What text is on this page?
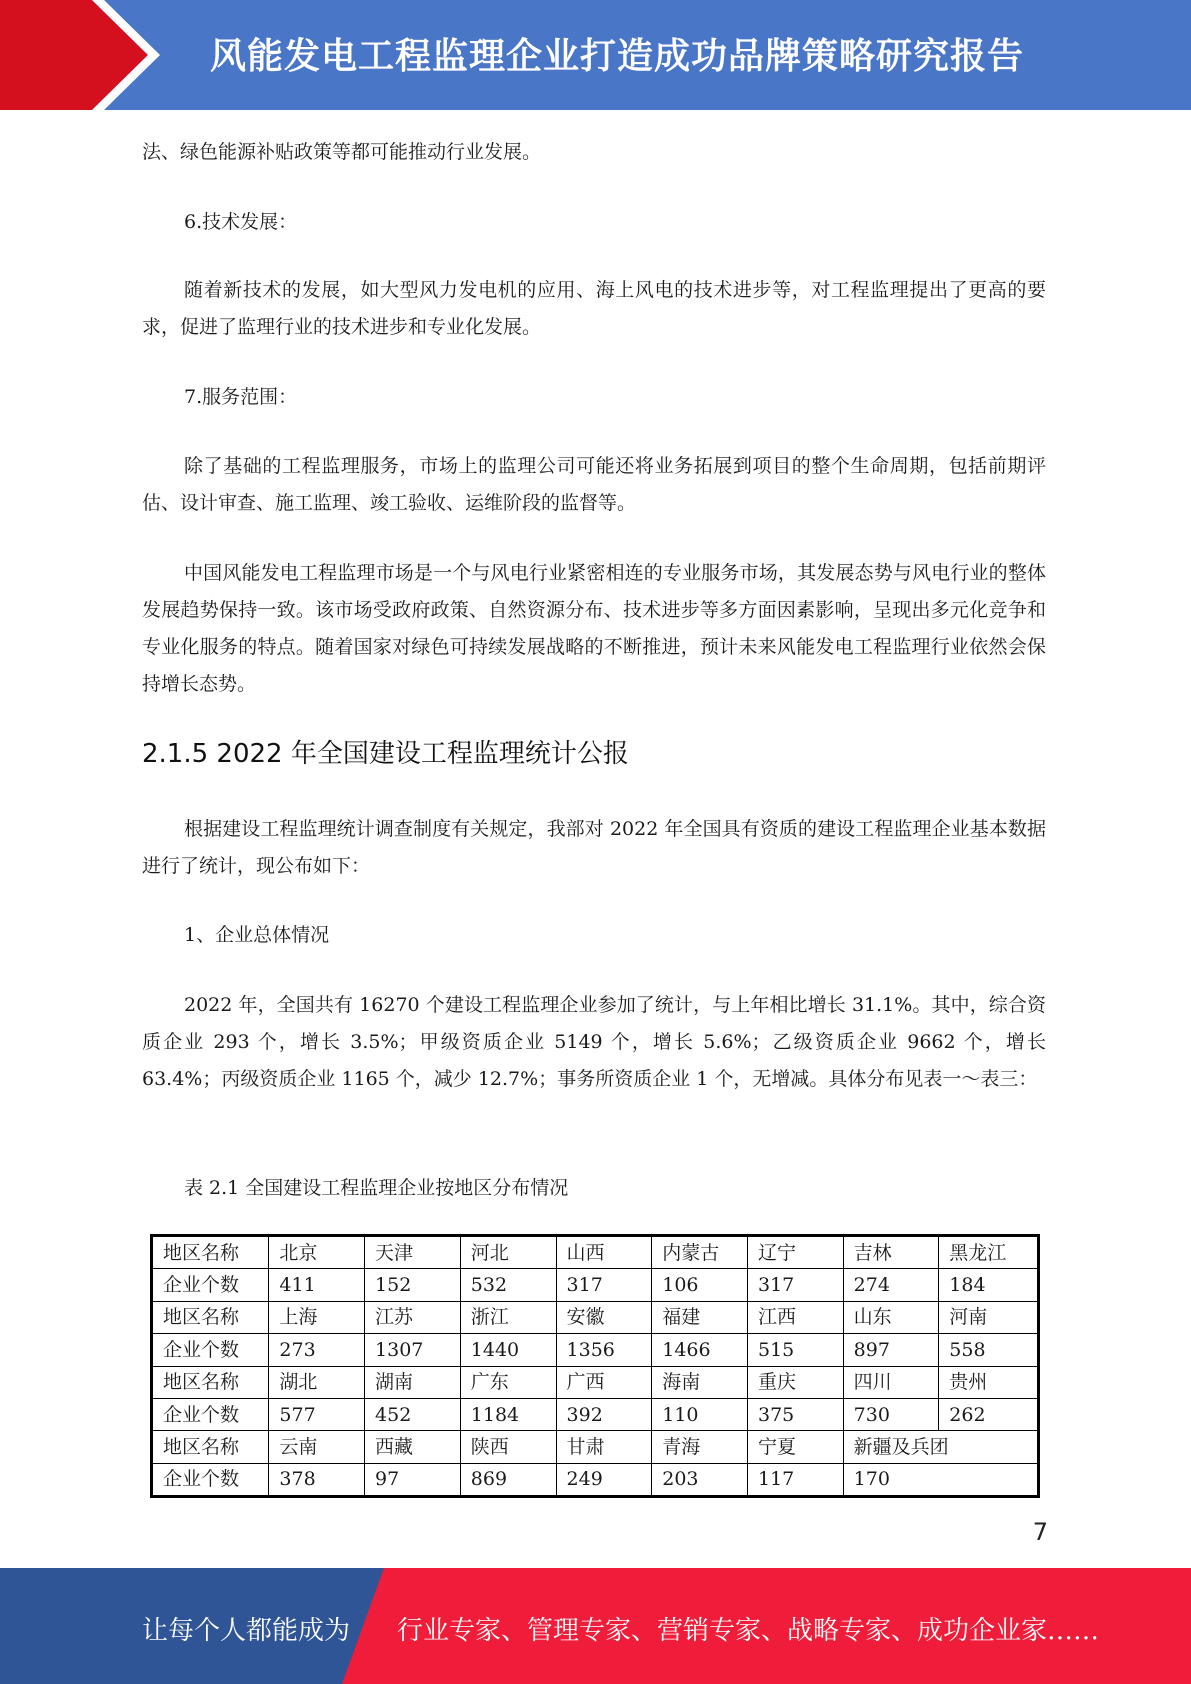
风能发电工程监理企业打造成功品牌策略研究报告

法、绿色能源补贴政策等都可能推动行业发展。

6.技术发展：

随着新技术的发展，如大型风力发电机的应用、海上风电的技术进步等，对工程监理提出了更高的要求，促进了监理行业的技术进步和专业化发展。

7.服务范围：

除了基础的工程监理服务，市场上的监理公司可能还将业务拓展到项目的整个生命周期，包括前期评估、设计审查、施工监理、竣工验收、运维阶段的监督等。

中国风能发电工程监理市场是一个与风电行业紧密相连的专业服务市场，其发展态势与风电行业的整体发展趋势保持一致。该市场受政府政策、自然资源分布、技术进步等多方面因素影响，呈现出多元化竞争和专业化服务的特点。随着国家对绿色可持续发展战略的不断推进，预计未来风能发电工程监理行业依然会保持增长态势。

2.1.5 2022 年全国建设工程监理统计公报

根据建设工程监理统计调查制度有关规定，我部对 2022 年全国具有资质的建设工程监理企业基本数据进行了统计，现公布如下：

1、企业总体情况

2022 年，全国共有 16270 个建设工程监理企业参加了统计，与上年相比增长 31.1%。其中，综合资质企业 293 个，增长 3.5%；甲级资质企业 5149 个，增长 5.6%；乙级资质企业 9662 个，增长 63.4%；丙级资质企业 1165 个，减少 12.7%；事务所资质企业 1 个，无增减。具体分布见表一～表三：

表 2.1 全国建设工程监理企业按地区分布情况

地区名称	北京	天津	河北	山西	内蒙古	辽宁	吉林	黑龙江
企业个数	411	152	532	317	106	317	274	184
地区名称	上海	江苏	浙江	安徽	福建	江西	山东	河南
企业个数	273	1307	1440	1356	1466	515	897	558
地区名称	湖北	湖南	广东	广西	海南	重庆	四川	贵州
企业个数	577	452	1184	392	110	375	730	262
地区名称	云南	西藏	陕西	甘肃	青海	宁夏	新疆及兵团	
企业个数	378	97	869	249	203	117	170	
7
让每个人都能成为 行业专家、管理专家、营销专家、战略专家、成功企业家……
